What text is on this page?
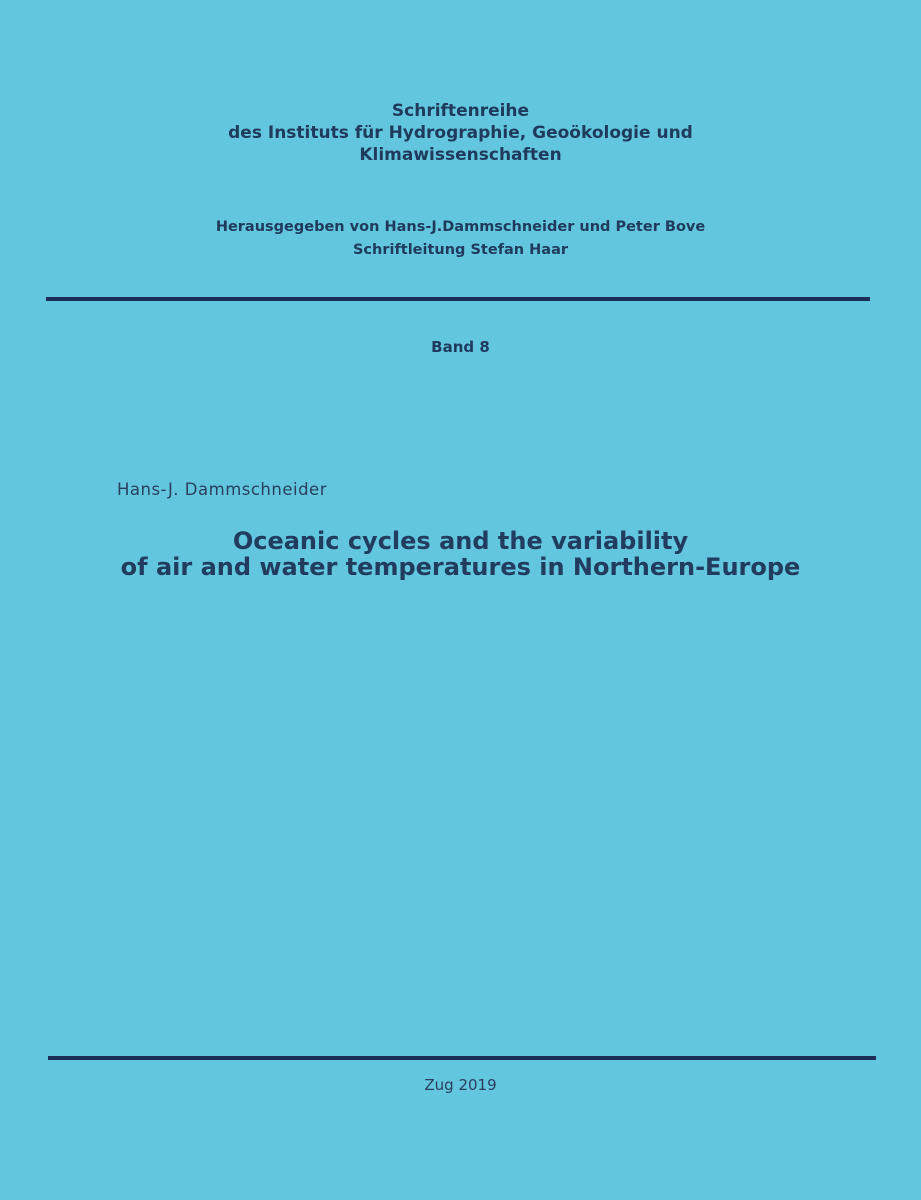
Schriftenreihe
des Instituts für Hydrographie, Geoökologie und
Klimawissenschaften
Herausgegeben von Hans-J.Dammschneider und Peter Bove
Schriftleitung Stefan Haar
Band 8
Hans-J. Dammschneider
Oceanic cycles and the variability
of air and water temperatures in Northern-Europe
Zug 2019
